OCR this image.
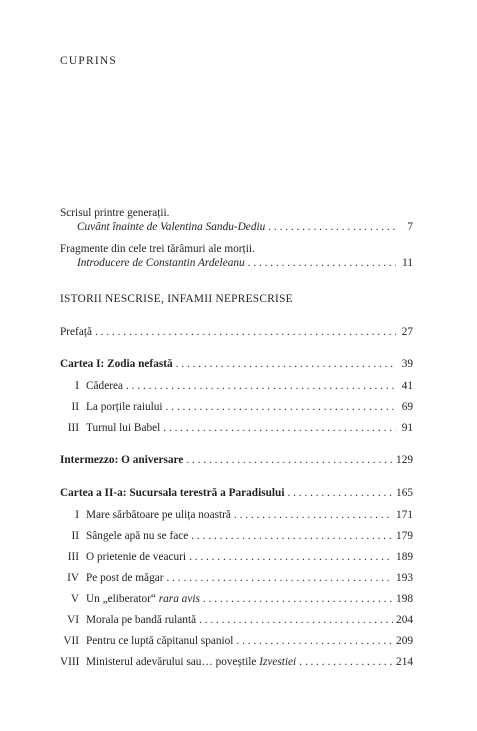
CUPRINS
Scrisul printre generații.
Cuvânt înainte de Valentina Sandu-Dediu . . .	7
Fragmente din cele trei tărâmuri ale morții.
Introducere de Constantin Ardeleanu . . .	11
ISTORII NESCRISE, INFAMII NEPRESCRISE
Prefață . . .	27
Cartea I: Zodia nefastă . . .	39
I Căderea . . .	41
II La porțile raiului . . .	69
III Turnul lui Babel . . .	91
Intermezzo: O aniversare . . .	129
Cartea a II-a: Sucursala terestră a Paradisului . . .	165
I Mare sărbătoare pe ulița noastră . . .	171
II Sângele apă nu se face . . .	179
III O prietenie de veacuri . . .	189
IV Pe post de măgar . . .	193
V Un „eliberator“ rara avis . . .	198
VI Morala pe bandă rulantă . . .	204
VII Pentru ce luptă căpitanul spaniol . . .	209
VIII Ministerul adevărului sau… poveștile Izvestiei . . .	214
